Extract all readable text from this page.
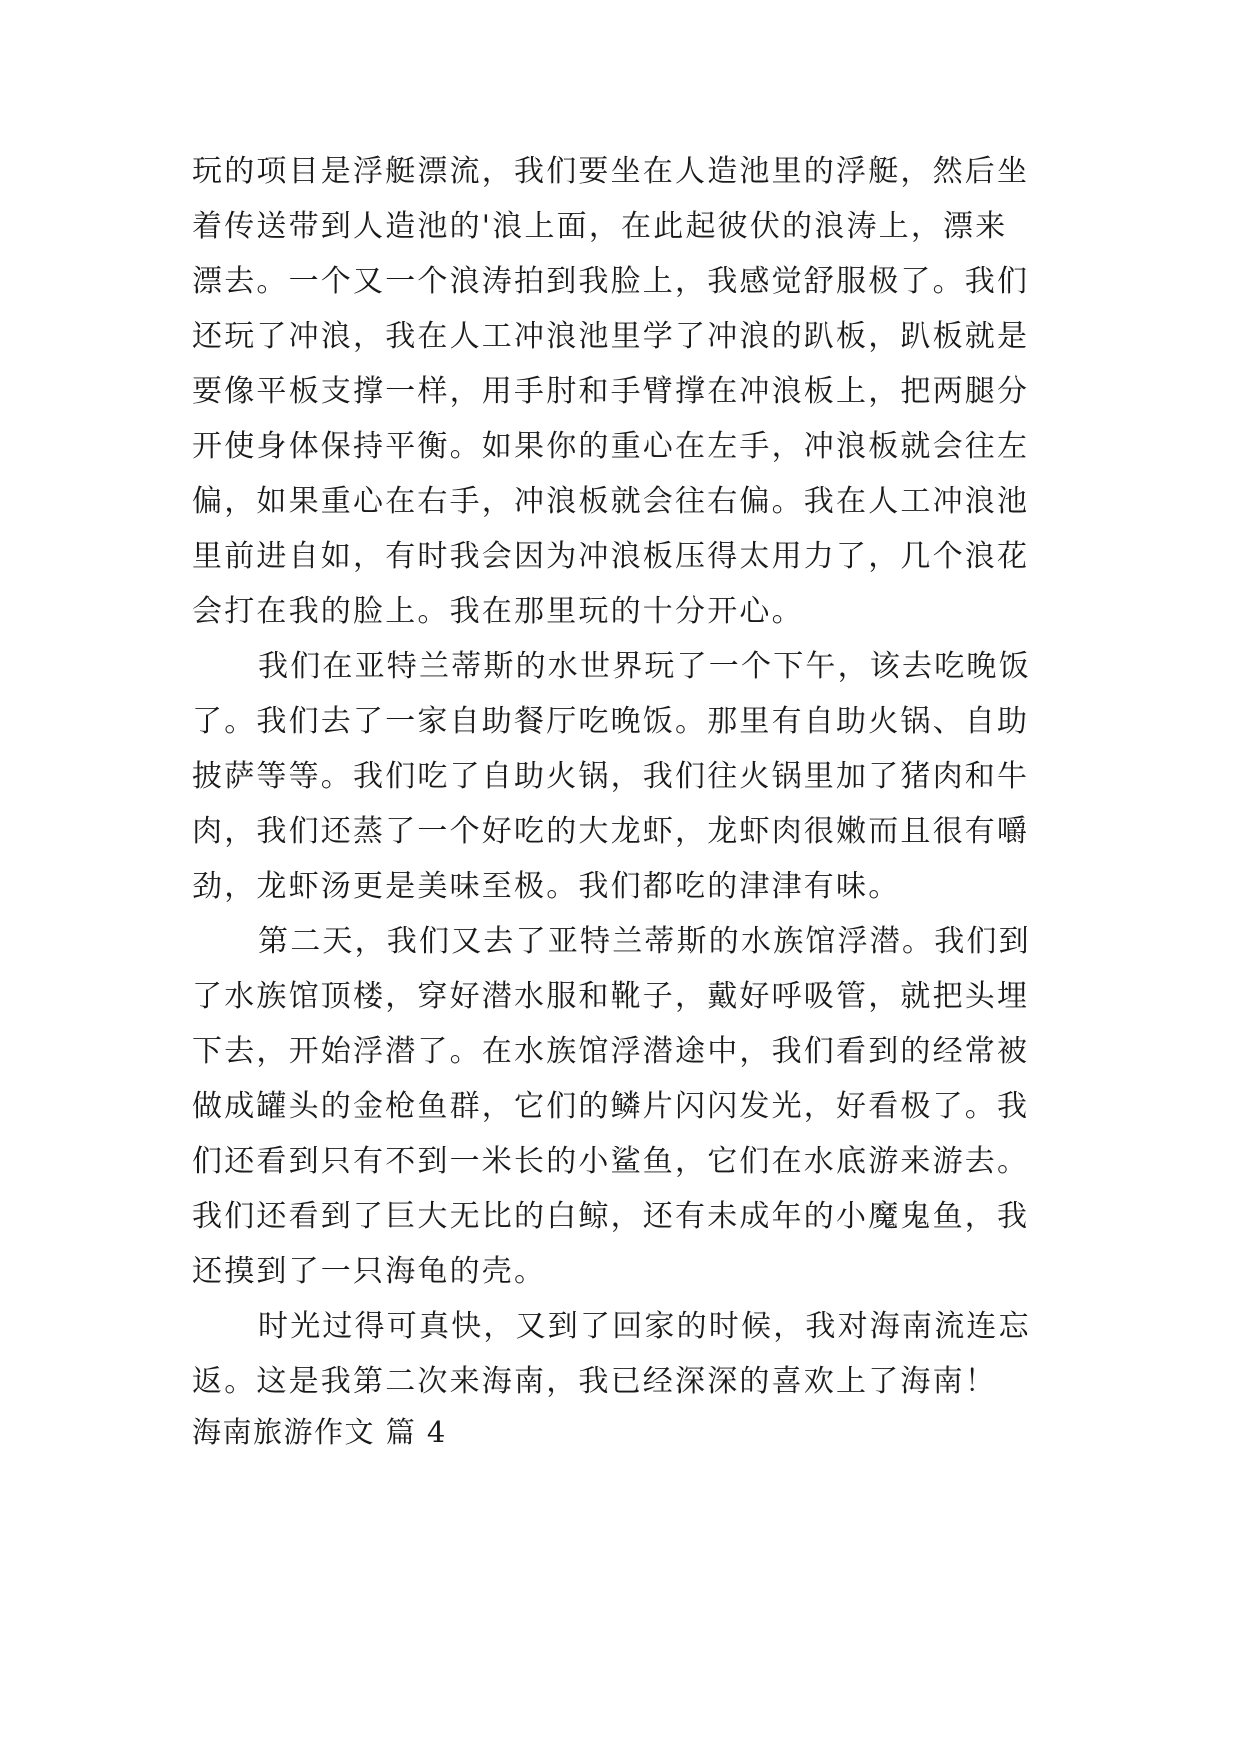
玩的项目是浮艇漂流，我们要坐在人造池里的浮艇，然后坐
着传送带到人造池的'浪上面，在此起彼伏的浪涛上，漂来
漂去。一个又一个浪涛拍到我脸上，我感觉舒服极了。我们
还玩了冲浪，我在人工冲浪池里学了冲浪的趴板，趴板就是
要像平板支撑一样，用手肘和手臂撑在冲浪板上，把两腿分
开使身体保持平衡。如果你的重心在左手，冲浪板就会往左
偏，如果重心在右手，冲浪板就会往右偏。我在人工冲浪池
里前进自如，有时我会因为冲浪板压得太用力了，几个浪花
会打在我的脸上。我在那里玩的十分开心。
我们在亚特兰蒂斯的水世界玩了一个下午，该去吃晚饭
了。我们去了一家自助餐厅吃晚饭。那里有自助火锅、自助
披萨等等。我们吃了自助火锅，我们往火锅里加了猪肉和牛
肉，我们还蒸了一个好吃的大龙虾，龙虾肉很嫩而且很有嚼
劲，龙虾汤更是美味至极。我们都吃的津津有味。
第二天，我们又去了亚特兰蒂斯的水族馆浮潜。我们到
了水族馆顶楼，穿好潜水服和靴子，戴好呼吸管，就把头埋
下去，开始浮潜了。在水族馆浮潜途中，我们看到的经常被
做成罐头的金枪鱼群，它们的鳞片闪闪发光，好看极了。我
们还看到只有不到一米长的小鲨鱼，它们在水底游来游去。
我们还看到了巨大无比的白鲸，还有未成年的小魔鬼鱼，我
还摸到了一只海龟的壳。
时光过得可真快，又到了回家的时候，我对海南流连忘
返。这是我第二次来海南，我已经深深的喜欢上了海南！
海南旅游作文 篇 4
